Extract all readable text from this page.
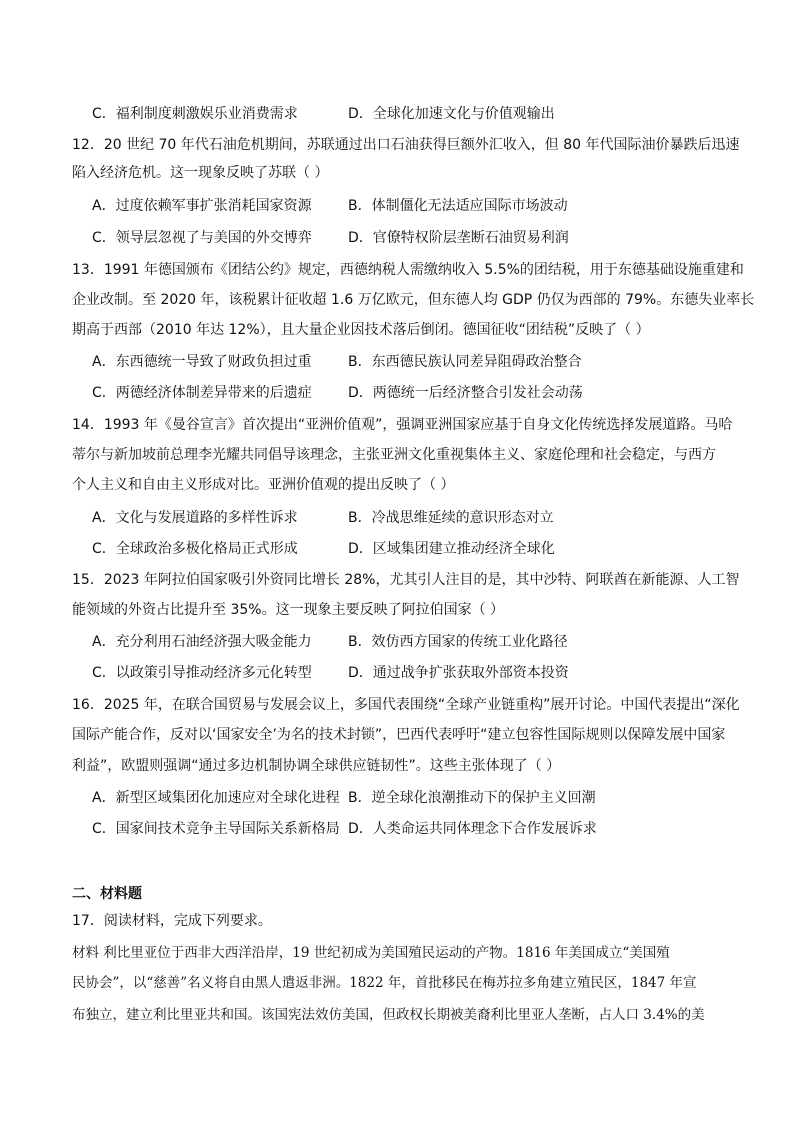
C．福利制度刺激娱乐业消费需求	D．全球化加速文化与价值观输出
12．20 世纪 70 年代石油危机期间，苏联通过出口石油获得巨额外汇收入，但 80 年代国际油价暴跌后迅速
陷入经济危机。这一现象反映了苏联（ ）
A．过度依赖军事扩张消耗国家资源	B．体制僵化无法适应国际市场波动
C．领导层忽视了与美国的外交博弈	D．官僚特权阶层垄断石油贸易利润
13．1991 年德国颁布《团结公约》规定，西德纳税人需缴纳收入 5.5%的团结税，用于东德基础设施重建和
企业改制。至 2020 年，该税累计征收超 1.6 万亿欧元，但东德人均 GDP 仍仅为西部的 79%。东德失业率长
期高于西部（2010 年达 12%），且大量企业因技术落后倒闭。德国征收“团结税”反映了（ ）
A．东西德统一导致了财政负担过重	B．东西德民族认同差异阻碍政治整合
C．两德经济体制差异带来的后遗症	D．两德统一后经济整合引发社会动荡
14．1993 年《曼谷宣言》首次提出“亚洲价值观”，强调亚洲国家应基于自身文化传统选择发展道路。马哈
蒂尔与新加坡前总理李光耀共同倡导该理念，主张亚洲文化重视集体主义、家庭伦理和社会稳定，与西方
个人主义和自由主义形成对比。亚洲价值观的提出反映了（ ）
A．文化与发展道路的多样性诉求	B．冷战思维延续的意识形态对立
C．全球政治多极化格局正式形成	D．区域集团建立推动经济全球化
15．2023 年阿拉伯国家吸引外资同比增长 28%，尤其引人注目的是，其中沙特、阿联酋在新能源、人工智
能领域的外资占比提升至 35%。这一现象主要反映了阿拉伯国家（ ）
A．充分利用石油经济强大吸金能力	B．效仿西方国家的传统工业化路径
C．以政策引导推动经济多元化转型	D．通过战争扩张获取外部资本投资
16．2025 年，在联合国贸易与发展会议上，多国代表围绕“全球产业链重构”展开讨论。中国代表提出“深化
国际产能合作，反对以‘国家安全’为名的技术封锁”，巴西代表呼吁“建立包容性国际规则以保障发展中国家
利益”，欧盟则强调“通过多边机制协调全球供应链韧性”。这些主张体现了（ ）
A．新型区域集团化加速应对全球化进程 B．逆全球化浪潮推动下的保护主义回潮
C．国家间技术竞争主导国际关系新格局 D．人类命运共同体理念下合作发展诉求
二、材料题
17．阅读材料，完成下列要求。
材料 利比里亚位于西非大西洋沿岸，19 世纪初成为美国殖民运动的产物。1816 年美国成立“美国殖
民协会”，以“慈善”名义将自由黑人遣返非洲。1822 年，首批移民在梅苏拉多角建立殖民区，1847 年宣
布独立，建立利比里亚共和国。该国宪法效仿美国，但政权长期被美裔利比里亚人垄断，占人口 3.4%的美
